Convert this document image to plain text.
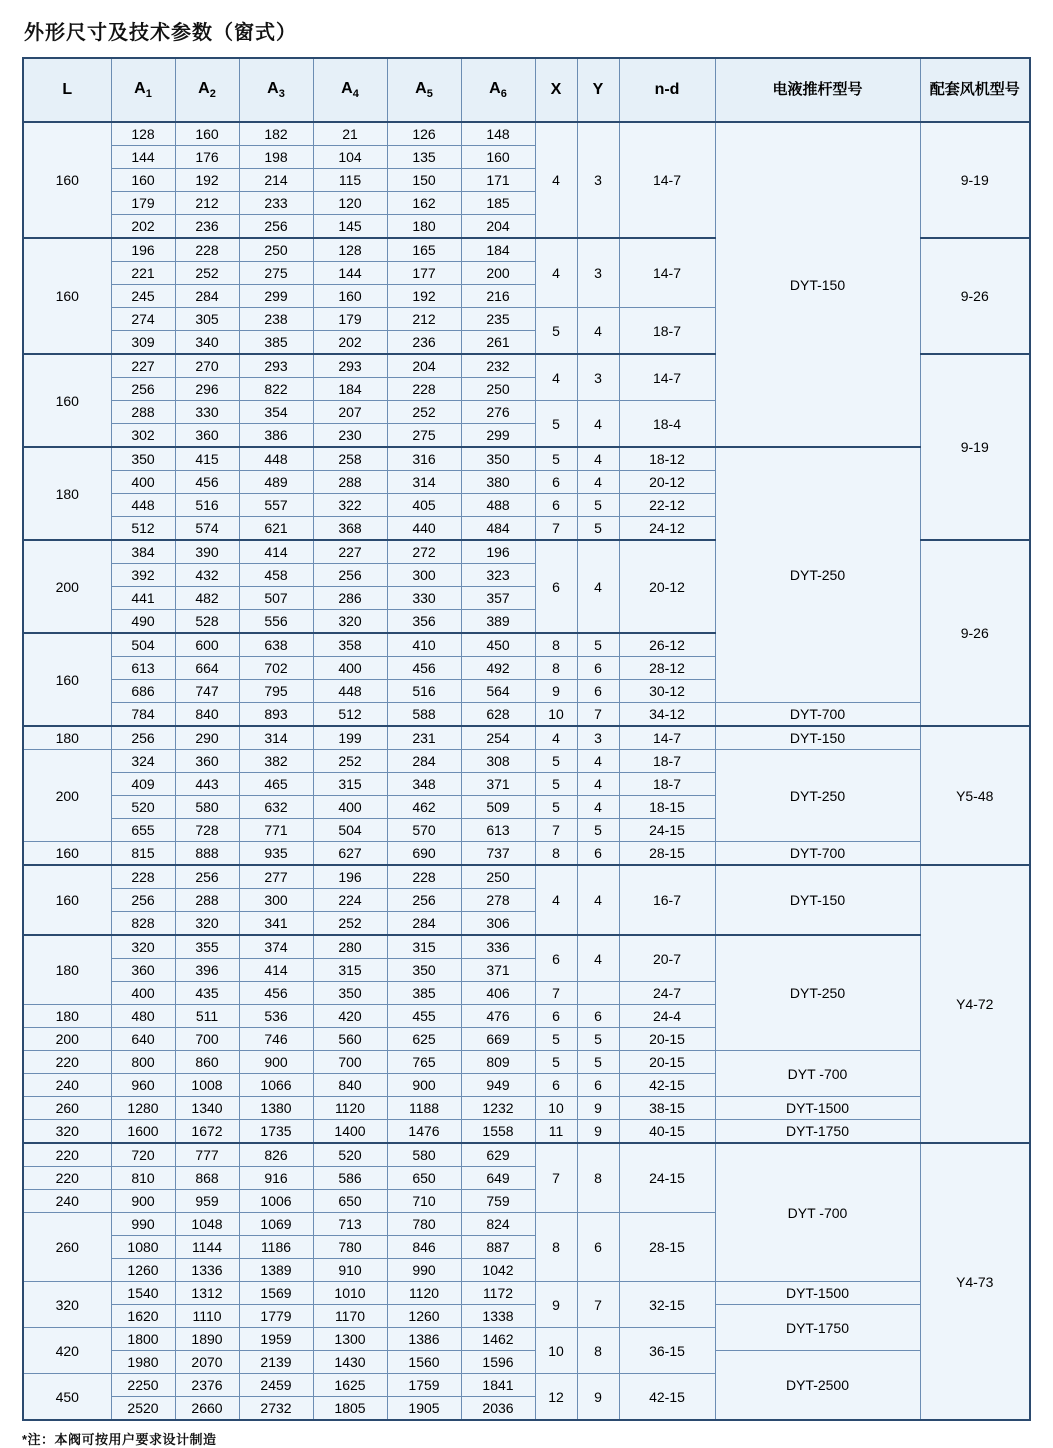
外形尺寸及技术参数（窗式）
L	$A_1$	$A_2$	$A_3$	$A_4$	$A_5$	$A_6$	X	Y	n-d	电液推杆型号	配套风机型号
160	128	160	182	21	126	148	4	3	14-7	DYT-150	9-19
	144	176	198	104	135	160					
	160	192	214	115	150	171					
	179	212	233	120	162	185					
	202	236	256	145	180	204					
160	196	228	250	128	165	184	4	3	14-7		9-26
	221	252	275	144	177	200					
	245	284	299	160	192	216					
	274	305	238	179	212	235	5	4	18-7		
	309	340	385	202	236	261					
160	227	270	293	293	204	232	4	3	14-7		9-19
	256	296	822	184	228	250					
	288	330	354	207	252	276	5	4	18-4		
	302	360	386	230	275	299					
180	350	415	448	258	316	350	5	4	18-12	DYT-250	
	400	456	489	288	314	380	6	4	20-12		
	448	516	557	322	405	488	6	5	22-12		
	512	574	621	368	440	484	7	5	24-12		
200	384	390	414	227	272	196	6	4	20-12		9-26
	392	432	458	256	300	323					
	441	482	507	286	330	357					
	490	528	556	320	356	389					
160	504	600	638	358	410	450	8	5	26-12		
	613	664	702	400	456	492	8	6	28-12		
	686	747	795	448	516	564	9	6	30-12		
	784	840	893	512	588	628	10	7	34-12	DYT-700	
180	256	290	314	199	231	254	4	3	14-7	DYT-150	Y5-48
200	324	360	382	252	284	308	5	4	18-7	DYT-250	
	409	443	465	315	348	371	5	4	18-7		
	520	580	632	400	462	509	5	4	18-15		
	655	728	771	504	570	613	7	5	24-15		
160	815	888	935	627	690	737	8	6	28-15	DYT-700	
160	228	256	277	196	228	250	4	4	16-7	DYT-150	Y4-72
	256	288	300	224	256	278					
	828	320	341	252	284	306					
180	320	355	374	280	315	336	6	4	20-7	DYT-250	
	360	396	414	315	350	371					
	400	435	456	350	385	406	7		24-7		
180	480	511	536	420	455	476	6	6	24-4		
200	640	700	746	560	625	669	5	5	20-15		
220	800	860	900	700	765	809	5	5	20-15	DYT -700	
240	960	1008	1066	840	900	949	6	6	42-15		
260	1280	1340	1380	1120	1188	1232	10	9	38-15	DYT-1500	
320	1600	1672	1735	1400	1476	1558	11	9	40-15	DYT-1750	
220	720	777	826	520	580	629	7	8	24-15	DYT -700	Y4-73
220	810	868	916	586	650	649					
240	900	959	1006	650	710	759					
260	990	1048	1069	713	780	824	8	6	28-15		
	1080	1144	1186	780	846	887					
	1260	1336	1389	910	990	1042					
320	1540	1312	1569	1010	1120	1172	9	7	32-15	DYT-1500	
	1620	1110	1779	1170	1260	1338				DYT-1750	
420	1800	1890	1959	1300	1386	1462	10	8	36-15		
	1980	2070	2139	1430	1560	1596				DYT-2500	
450	2250	2376	2459	1625	1759	1841	12	9	42-15		
	2520	2660	2732	1805	1905	2036					
*注：本阀可按用户要求设计制造
